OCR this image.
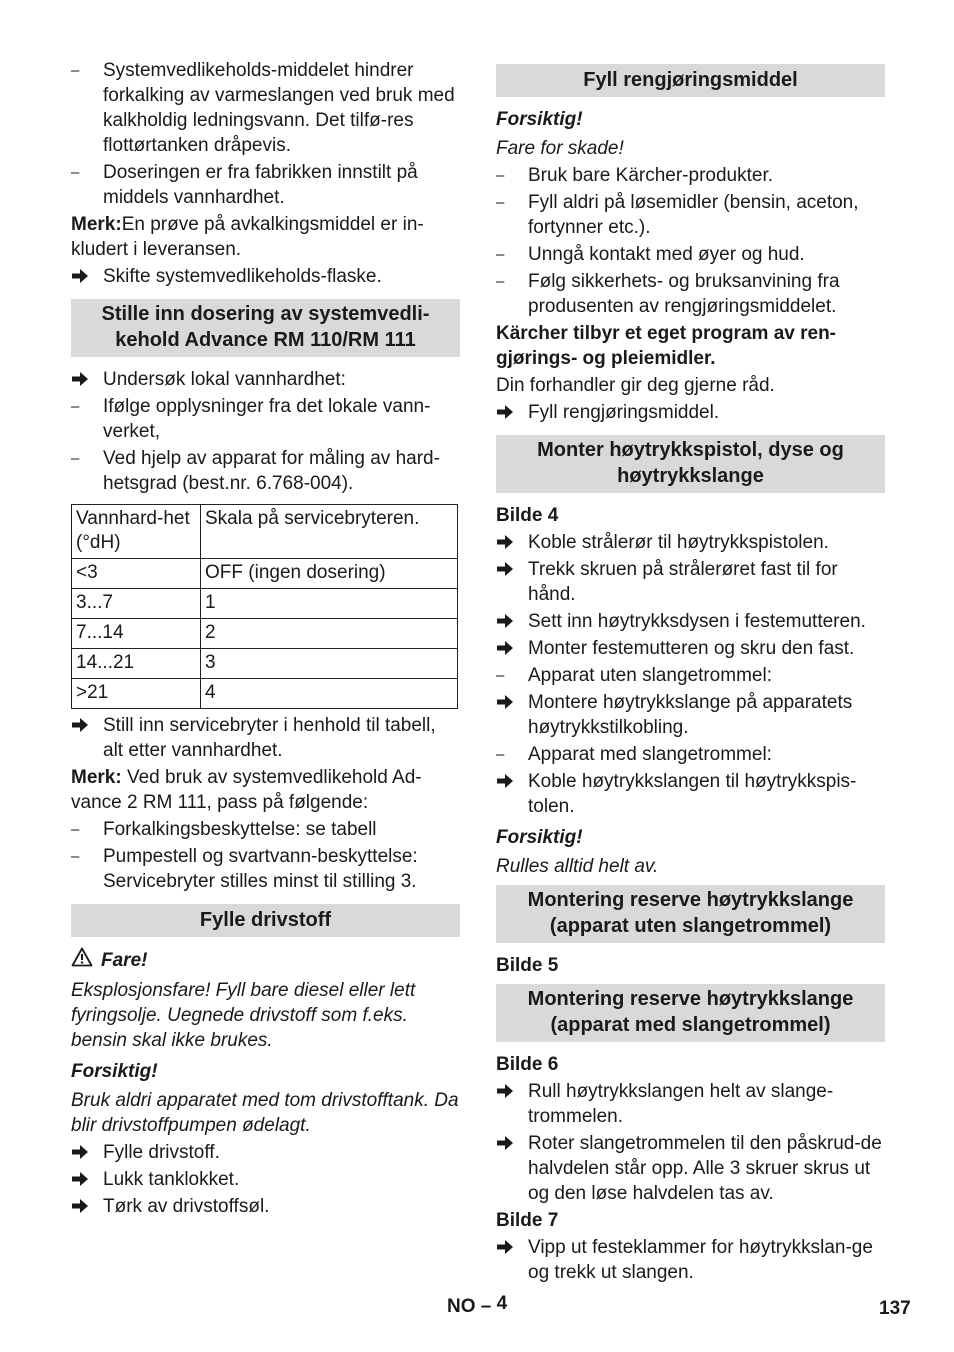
–	Systemvedlikeholds-middelet hindrer forkalking av varmeslangen ved bruk med kalkholdig ledningsvann. Det tilfø-res flottørtanken dråpevis.
–	Doseringen er fra fabrikken innstilt på middels vannhardhet.
Merk:En prøve på avkalkingsmiddel er in-kludert i leveransen.
Skifte systemvedlikeholds-flaske.
Stille inn dosering av systemvedli-kehold Advance RM 110/RM 111
Undersøk lokal vannhardhet:
–	Ifølge opplysninger fra det lokale vann-verket,
–	Ved hjelp av apparat for måling av hard-hetsgrad (best.nr. 6.768-004).
Vannhard-het (°dH)	Skala på servicebryteren.
<3	OFF (ingen dosering)
3...7	1
7...14	2
14...21	3
>21	4
Still inn servicebryter i henhold til tabell, alt etter vannhardhet.
Merk: Ved bruk av systemvedlikehold Ad-vance 2 RM 111, pass på følgende:
–	Forkalkingsbeskyttelse: se tabell
–	Pumpestell og svartvann-beskyttelse: Servicebryter stilles minst til stilling 3.
Fylle drivstoff
Fare!
Eksplosjonsfare! Fyll bare diesel eller lett fyringsolje. Uegnede drivstoff som f.eks. bensin skal ikke brukes.
Forsiktig!
Bruk aldri apparatet med tom drivstofftank. Da blir drivstoffpumpen ødelagt.
Fylle drivstoff.
Lukk tanklokket.
Tørk av drivstoffsøl.
Fyll rengjøringsmiddel
Forsiktig!
Fare for skade!
–	Bruk bare Kärcher-produkter.
–	Fyll aldri på løsemidler (bensin, aceton, fortynner etc.).
–	Unngå kontakt med øyer og hud.
–	Følg sikkerhets- og bruksanvining fra produsenten av rengjøringsmiddelet.
Kärcher tilbyr et eget program av ren-gjørings- og pleiemidler.
Din forhandler gir deg gjerne råd.
Fyll rengjøringsmiddel.
Monter høytrykkspistol, dyse og høytrykkslange
Bilde 4
Koble strålerør til høytrykkspistolen.
Trekk skruen på strålerøret fast til for hånd.
Sett inn høytrykksdysen i festemutteren.
Monter festemutteren og skru den fast.
–	Apparat uten slangetrommel:
Montere høytrykkslange på apparatets høytrykkstilkobling.
–	Apparat med slangetrommel:
Koble høytrykkslangen til høytrykkspis-tolen.
Forsiktig!
Rulles alltid helt av.
Montering reserve høytrykkslange (apparat uten slangetrommel)
Bilde 5
Montering reserve høytrykkslange (apparat med slangetrommel)
Bilde 6
Rull høytrykkslangen helt av slange-trommelen.
Roter slangetrommelen til den påskrud-de halvdelen står opp. Alle 3 skruer skrus ut og den løse halvdelen tas av.
Bilde 7
Vipp ut festeklammer for høytrykkslan-ge og trekk ut slangen.
NO – 4	137
